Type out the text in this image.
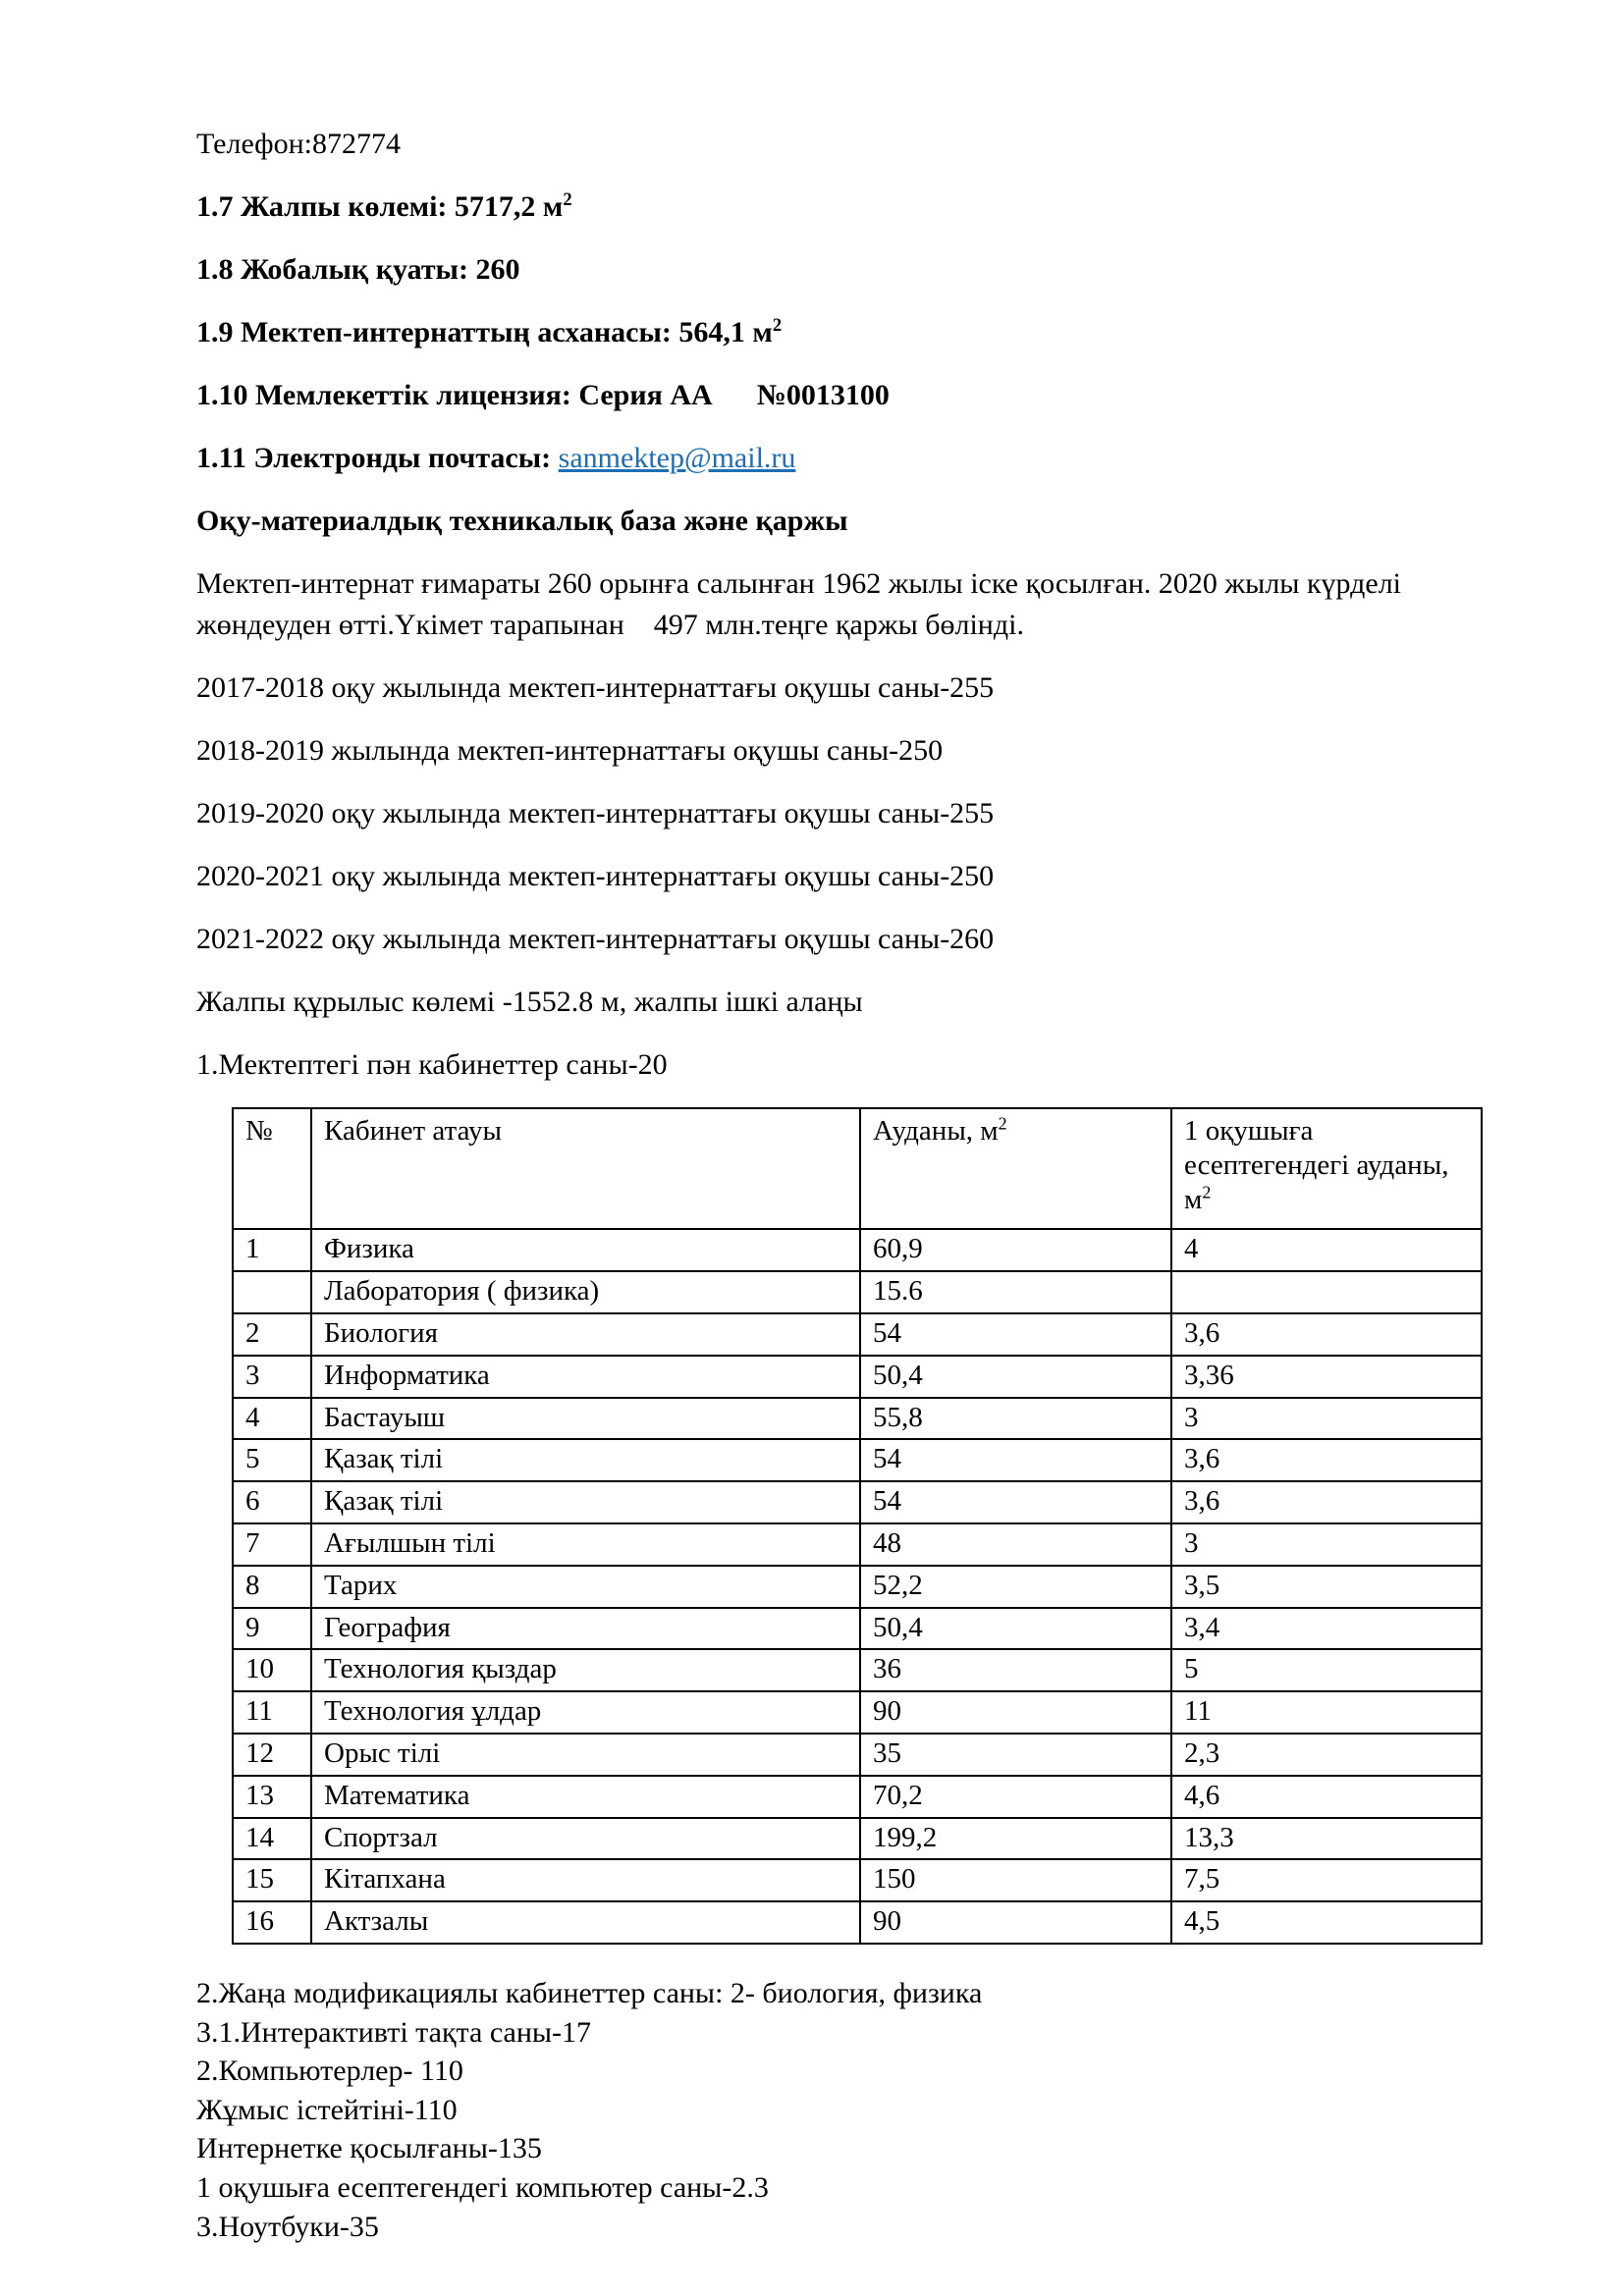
Телефон:872774

1.7 Жалпы көлемі: 5717,2 $м^2$

1.8 Жобалық қуаты: 260

1.9 Мектеп-интернаттың асханасы: 564,1 $м^2$

1.10 Мемлекеттік лицензия: Серия АА №0013100

1.11 Электронды почтасы: sanmektep@mail.ru

Оқу-материалдық техникалық база және қаржы

Мектеп-интернат ғимараты 260 орынға салынған 1962 жылы іске қосылған. 2020 жылы күрделі жөндеуден өтті.Үкімет тарапынан    497 млн.теңге қаржы бөлінді.

2017-2018 оқу жылында мектеп-интернаттағы оқушы саны-255

2018-2019 жылында мектеп-интернаттағы оқушы саны-250

2019-2020 оқу жылында мектеп-интернаттағы оқушы саны-255

2020-2021 оқу жылында мектеп-интернаттағы оқушы саны-250

2021-2022 оқу жылында мектеп-интернаттағы оқушы саны-260

Жалпы құрылыс көлемі -1552.8 м, жалпы ішкі алаңы

1.Мектептегі пән кабинеттер саны-20

№	Кабинет атауы	Ауданы, $м^2$	1 оқушыға есептегендегі ауданы, $м^2$
1	Физика	60,9	4
	Лаборатория ( физика)	15.6	
2	Биология	54	3,6
3	Информатика	50,4	3,36
4	Бастауыш	55,8	3
5	Қазақ тілі	54	3,6
6	Қазақ тілі	54	3,6
7	Ағылшын тілі	48	3
8	Тарих	52,2	3,5
9	География	50,4	3,4
10	Технология қыздар	36	5
11	Технология ұлдар	90	11
12	Орыс тілі	35	2,3
13	Математика	70,2	4,6
14	Спортзал	199,2	13,3
15	Кітапхана	150	7,5
16	Актзалы	90	4,5
2.Жаңа модификациялы кабинеттер саны: 2- биология, физика
3.1.Интерактивті тақта саны-17
2.Компьютерлер- 110
Жұмыс істейтіні-110
Интернетке қосылғаны-135
1 оқушыға есептегендегі компьютер саны-2.3
3.Ноутбуки-35
